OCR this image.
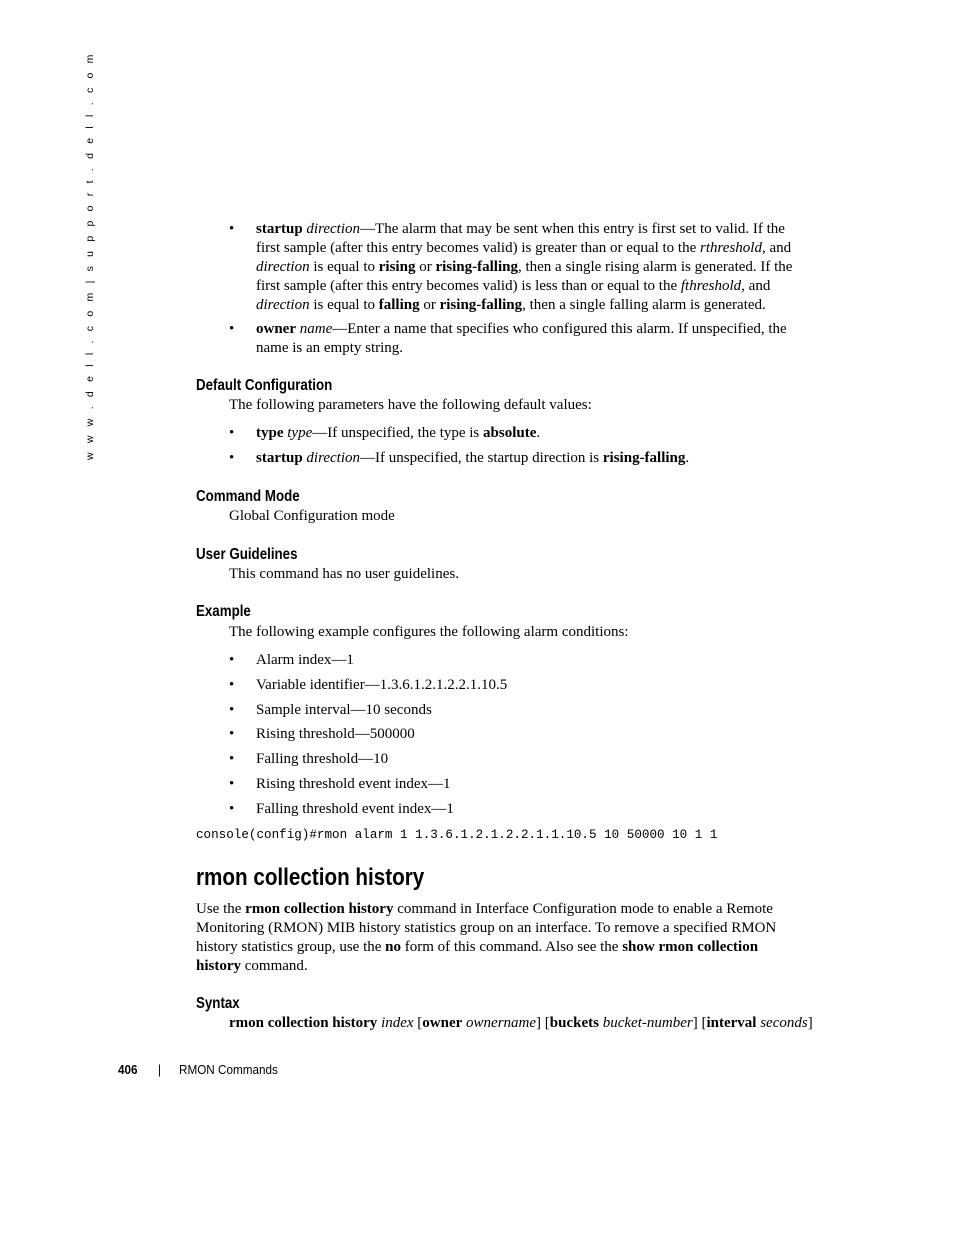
w w w . d e l l . c o m | s u p p o r t . d e l l . c o m	• startup direction—The alarm that may be sent when this entry is first set to valid. If the
first sample (after this entry becomes valid) is greater than or equal to the rthreshold, and
direction is equal to rising or rising-falling, then a single rising alarm is generated. If the
first sample (after this entry becomes valid) is less than or equal to the fthreshold, and
direction is equal to falling or rising-falling, then a single falling alarm is generated.
• owner name—Enter a name that specifies who configured this alarm. If unspecified, the
name is an empty string.
Default Configuration
The following parameters have the following default values:
• type type—If unspecified, the type is absolute.
• startup direction—If unspecified, the startup direction is rising-falling.
Command Mode
Global Configuration mode
User Guidelines
This command has no user guidelines.
Example
The following example configures the following alarm conditions:
• Alarm index—1
• Variable identifier—1.3.6.1.2.1.2.2.1.10.5
• Sample interval—10 seconds
• Rising threshold—500000
• Falling threshold—10
• Rising threshold event index—1
• Falling threshold event index—1
console(config)#rmon alarm 1 1.3.6.1.2.1.2.2.1.1.10.5 10 50000 10 1 1
rmon collection history
Use the rmon collection history command in Interface Configuration mode to enable a Remote
Monitoring (RMON) MIB history statistics group on an interface. To remove a specified RMON
history statistics group, use the no form of this command. Also see the show rmon collection
history command.
Syntax
rmon collection history index [owner ownername] [buckets bucket-number] [interval seconds]
406 | RMON Commands
